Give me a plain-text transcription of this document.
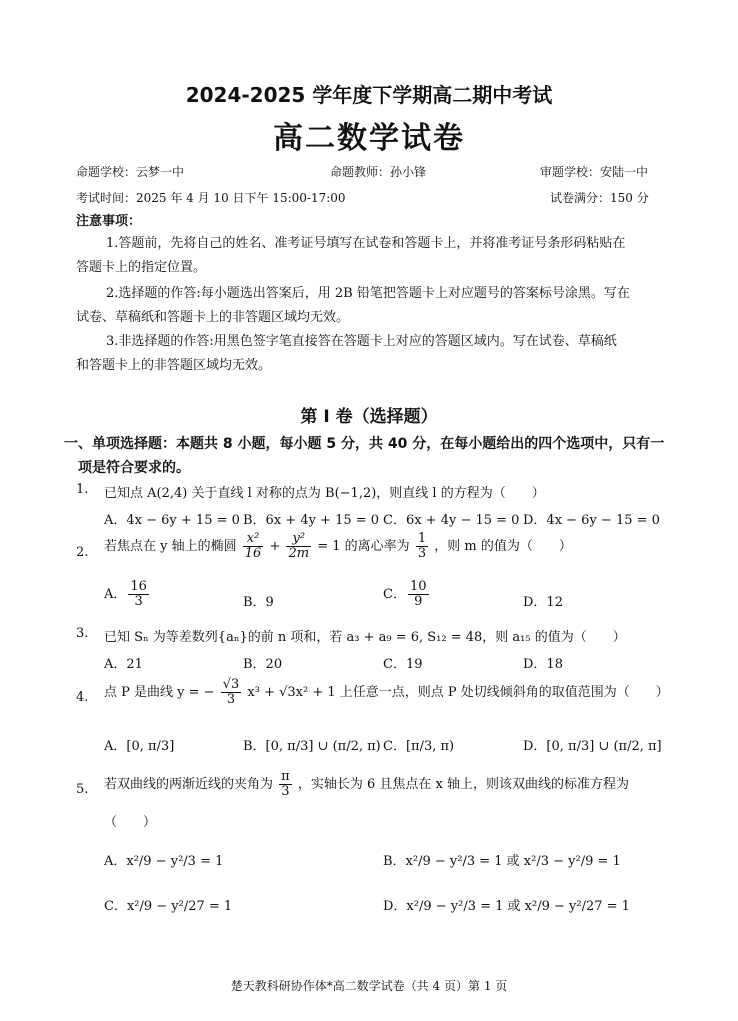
2024-2025 学年度下学期高二期中考试
高二数学试卷
命题学校：云梦一中	命题教师：孙小锋	审题学校：安陆一中
考试时间：2025 年 4 月 10 日下午 15:00-17:00	试卷满分：150 分
注意事项：
1.答题前，先将自己的姓名、准考证号填写在试卷和答题卡上，并将准考证号条形码粘贴在
答题卡上的指定位置。
2.选择题的作答:每小题选出答案后，用 2B 铅笔把答题卡上对应题号的答案标号涂黑。写在
试卷、草稿纸和答题卡上的非答题区域均无效。
3.非选择题的作答:用黑色签字笔直接答在答题卡上对应的答题区域内。写在试卷、草稿纸
和答题卡上的非答题区域均无效。
第 I 卷（选择题）
一、单项选择题：本题共 8 小题，每小题 5 分，共 40 分，在每小题给出的四个选项中，只有一
项是符合要求的。
1. 已知点 A(2,4) 关于直线 l 对称的点为 B(−1,2)，则直线 l 的方程为（　　）
A．4x − 6y + 15 = 0 B．6x + 4y + 15 = 0 C．6x + 4y − 15 = 0 D．4x − 6y − 15 = 0
2. 若焦点在 y 轴上的椭圆 $\frac{\text{x²}}{16} + \frac{\text{y²}}{2m} = 1$ 的离心率为 $\frac{1}{3}$ ，则 m 的值为（　　）
A． $\frac{16}{3}$	B．9
C． $\frac{10}{9}$	D．12
3. 已知 Sₙ 为等差数列{aₙ}的前 n 项和，若 a₃ + a₉ = 6, S₁₂ = 48，则 a₁₅ 的值为（　　）
A．21	B．20	C．19	D．18
4. 点 P 是曲线 y = − $\frac{√3}{3} x^3 + √3x^2 + 1$ 上任意一点，则点 P 处切线倾斜角的取值范围为（　　）
A．[0, π/3]	B．[0, π/3] ∪ (π/2, π) C．[π/3, π)	D．[0, π/3] ∪ (π/2, π]
5. 若双曲线的两渐近线的夹角为 $\frac{\pi}{3}$ ，实轴长为 6 且焦点在 x 轴上，则该双曲线的标准方程为
（　　）
A．x²/9 − y²/3 = 1	B．x²/9 − y²/3 = 1 或 x²/3 − y²/9 = 1
C．x²/9 − y²/27 = 1	D．x²/9 − y²/3 = 1 或 x²/9 − y²/27 = 1
楚天教科研协作体*高二数学试卷（共 4 页）第 1 页
